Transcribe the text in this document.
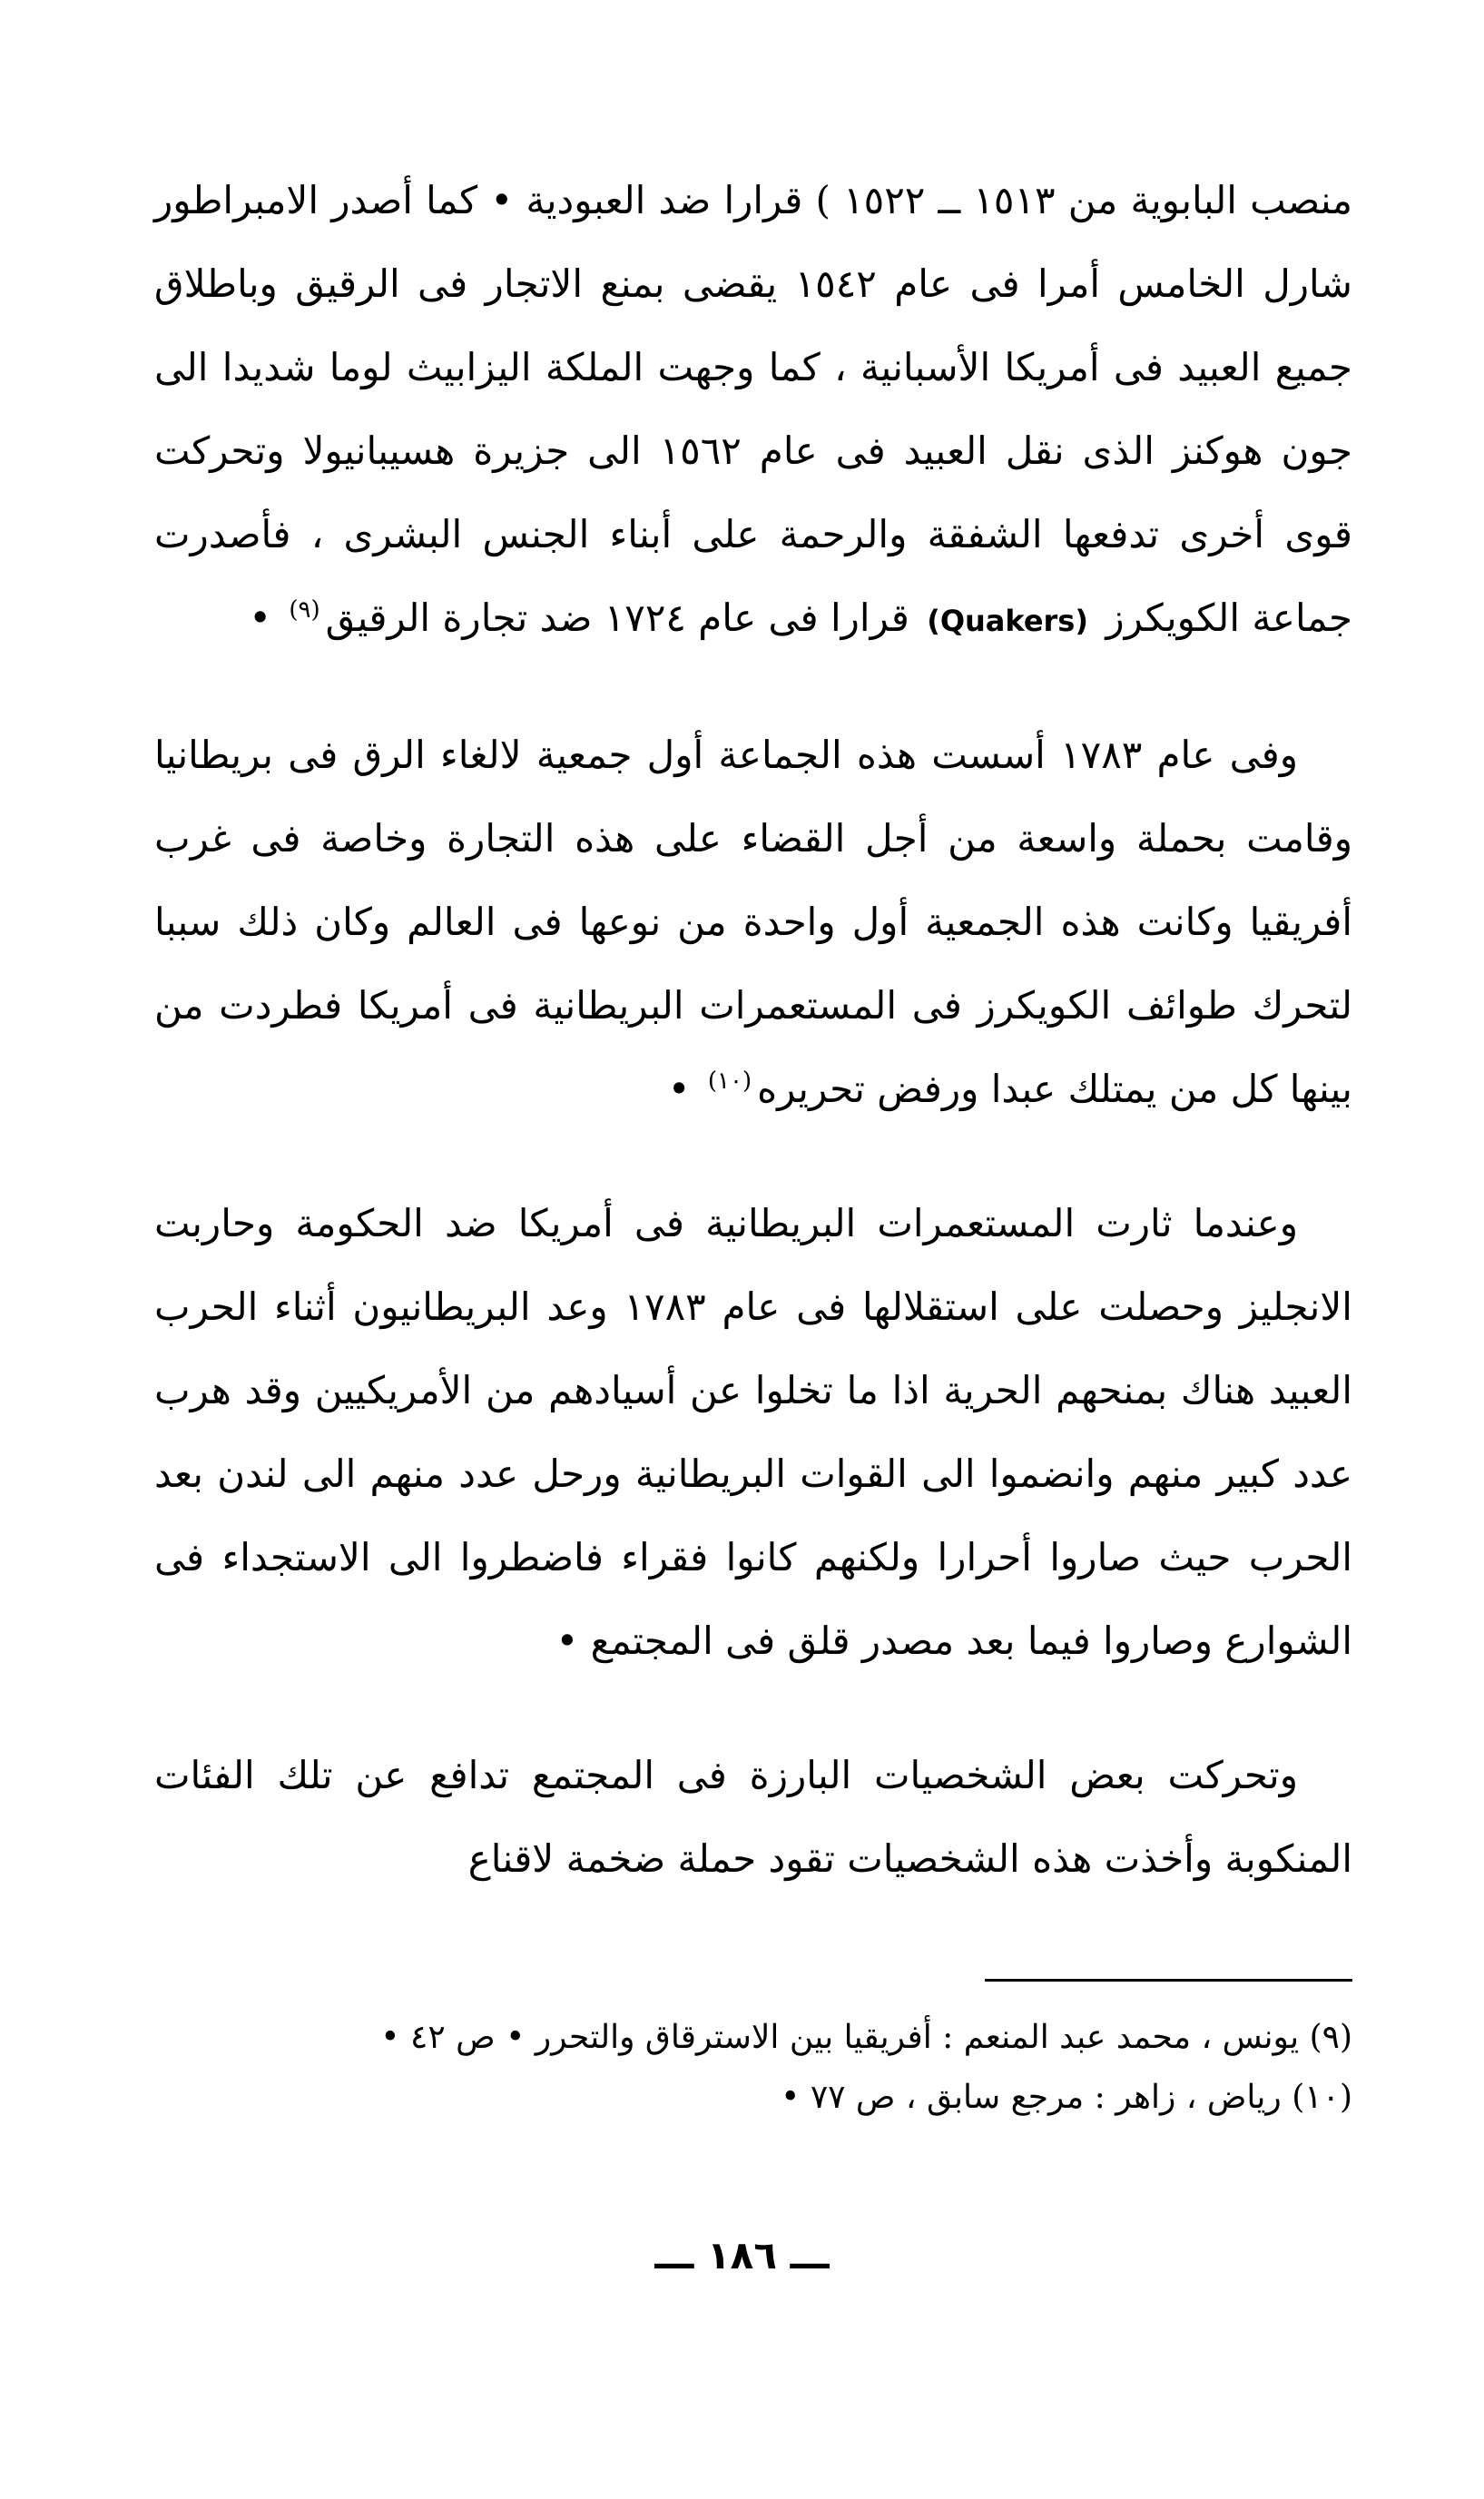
منصب البابوية من ١٥١٣ ــ ١٥٢٢ ) قرارا ضد العبودية • كما أصدر الامبراطور شارل الخامس أمرا فى عام ١٥٤٢ يقضى بمنع الاتجار فى الرقيق وباطلاق جميع العبيد فى أمريكا الأسبانية ، كما وجهت الملكة اليزابيث لوما شديدا الى جون هوكنز الذى نقل العبيد فى عام ١٥٦٢ الى جزيرة هسيبانيولا وتحركت قوى أخرى تدفعها الشفقة والرحمة على أبناء الجنس البشرى ، فأصدرت جماعة الكويكرز (Quakers) قرارا فى عام ١٧٢٤ ضد تجارة الرقيق$^{(٩)}$ •

وفى عام ١٧٨٣ أسست هذه الجماعة أول جمعية لالغاء الرق فى بريطانيا وقامت بحملة واسعة من أجل القضاء على هذه التجارة وخاصة فى غرب أفريقيا وكانت هذه الجمعية أول واحدة من نوعها فى العالم وكان ذلك سببا لتحرك طوائف الكويكرز فى المستعمرات البريطانية فى أمريكا فطردت من بينها كل من يمتلك عبدا ورفض تحريره$^{(١٠)}$ •

وعندما ثارت المستعمرات البريطانية فى أمريكا ضد الحكومة وحاربت الانجليز وحصلت على استقلالها فى عام ١٧٨٣ وعد البريطانيون أثناء الحرب العبيد هناك بمنحهم الحرية اذا ما تخلوا عن أسيادهم من الأمريكيين وقد هرب عدد كبير منهم وانضموا الى القوات البريطانية ورحل عدد منهم الى لندن بعد الحرب حيث صاروا أحرارا ولكنهم كانوا فقراء فاضطروا الى الاستجداء فى الشوارع وصاروا فيما بعد مصدر قلق فى المجتمع •

وتحركت بعض الشخصيات البارزة فى المجتمع تدافع عن تلك الفئات المنكوبة وأخذت هذه الشخصيات تقود حملة ضخمة لاقناع

(٩) يونس ، محمد عبد المنعم : أفريقيا بين الاسترقاق والتحرر • ص ٤٢ •

(١٠) رياض ، زاهر : مرجع سابق ، ص ٧٧ •

ـــ ١٨٦ ـــ
